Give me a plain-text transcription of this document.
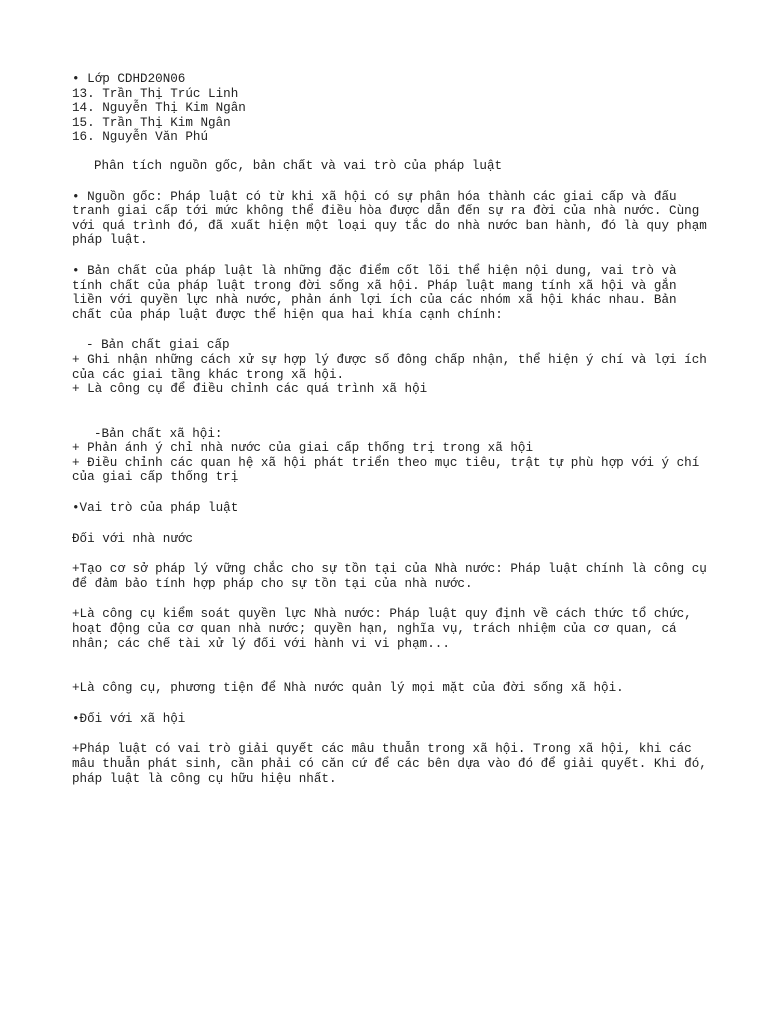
• Lớp CDHD20N06
13. Trần Thị Trúc Linh
14. Nguyễn Thị Kim Ngân
15. Trần Thị Kim Ngân
16. Nguyễn Văn Phú
Phân tích nguồn gốc, bản chất và vai trò của pháp luật
• Nguồn gốc: Pháp luật có từ khi xã hội có sự phân hóa thành các giai cấp và đấu tranh giai cấp tới mức không thể điều hòa được dẫn đến sự ra đời của nhà nước. Cùng với quá trình đó, đã xuất hiện một loại quy tắc do nhà nước ban hành, đó là quy phạm pháp luật.
• Bản chất của pháp luật là những đặc điểm cốt lõi thể hiện nội dung, vai trò và tính chất của pháp luật trong đời sống xã hội. Pháp luật mang tính xã hội và gắn liền với quyền lực nhà nước, phản ánh lợi ích của các nhóm xã hội khác nhau. Bản chất của pháp luật được thể hiện qua hai khía cạnh chính:
- Bản chất giai cấp
+ Ghi nhận những cách xử sự hợp lý được số đông chấp nhận, thể hiện ý chí và lợi ích của các giai tầng khác trong xã hội.
+ Là công cụ để điều chỉnh các quá trình xã hội
-Bản chất xã hội:
+ Phản ánh ý chỉ nhà nước của giai cấp thống trị trong xã hội
+ Điều chỉnh các quan hệ xã hội phát triển theo mục tiêu, trật tự phù hợp với ý chí của giai cấp thống trị
•Vai trò của pháp luật
Đối với nhà nước
+Tạo cơ sở pháp lý vững chắc cho sự tồn tại của Nhà nước: Pháp luật chính là công cụ để đảm bảo tính hợp pháp cho sự tồn tại của nhà nước.
+Là công cụ kiểm soát quyền lực Nhà nước: Pháp luật quy định về cách thức tổ chức, hoạt động của cơ quan nhà nước; quyền hạn, nghĩa vụ, trách nhiệm của cơ quan, cá nhân; các chế tài xử lý đối với hành vi vi phạm...
+Là công cụ, phương tiện để Nhà nước quản lý mọi mặt của đời sống xã hội.
•Đối với xã hội
+Pháp luật có vai trò giải quyết các mâu thuẫn trong xã hội. Trong xã hội, khi các mâu thuẫn phát sinh, cần phải có căn cứ để các bên dựa vào đó để giải quyết. Khi đó, pháp luật là công cụ hữu hiệu nhất.
